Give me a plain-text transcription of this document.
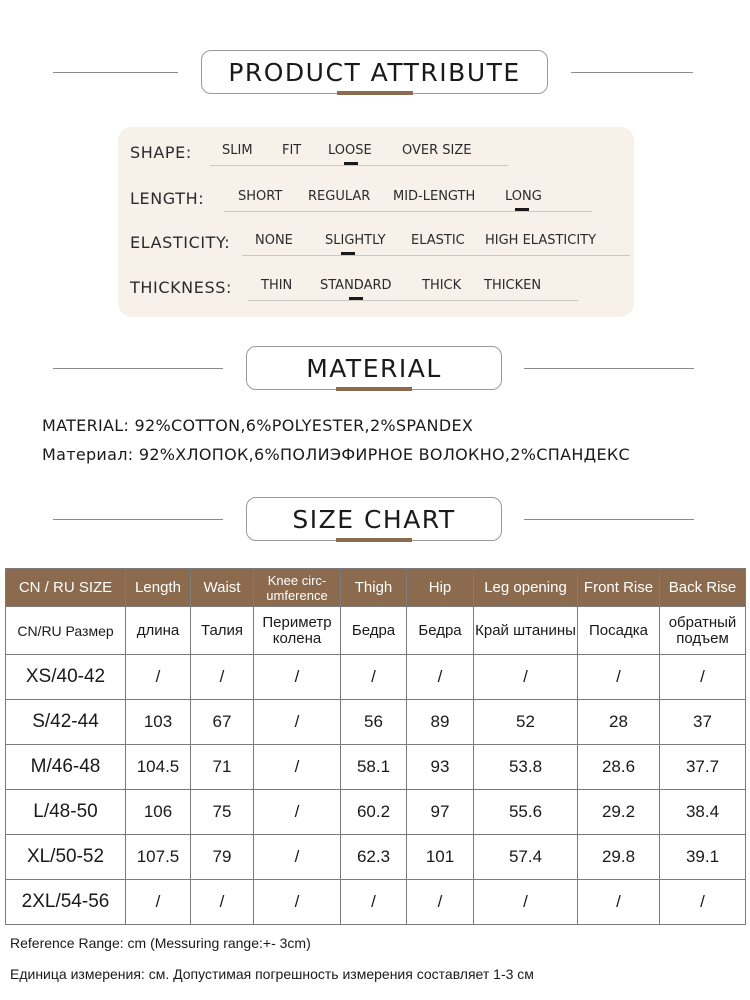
PRODUCT ATTRIBUTE
SHAPE: SLIM FIT LOOSE OVER SIZE
LENGTH:	SHORT REGULAR MID-LENGTH LONG
ELASTICITY: NONE SLIGHTLY ELASTIC HIGH ELASTICITY
THICKNESS: THIN STANDARD THICK THICKEN
MATERIAL
MATERIAL: 92%COTTON,6%POLYESTER,2%SPANDEX
Материал: 92%ХЛОПОК,6%ПОЛИЭФИРНОЕ ВОЛОКНО,2%СПАНДЕКС
SIZE CHART
CN / RU SIZE	Length	Waist	Knee circ-umference	Thigh	Hip	Leg opening	Front Rise	Back Rise
CN/RU Размер	длина	Талия	Периметр колена	Бедра	Бедра	Край штанины	Посадка	обратный подъем
XS/40-42	/	/	/	/	/	/	/	/
S/42-44	103	67	/	56	89	52	28	37
M/46-48	104.5	71	/	58.1	93	53.8	28.6	37.7
L/48-50	106	75	/	60.2	97	55.6	29.2	38.4
XL/50-52	107.5	79	/	62.3	101	57.4	29.8	39.1
2XL/54-56	/	/	/	/	/	/	/	/
Reference Range: cm (Messuring range:+- 3cm)
Единица измерения: см. Допустимая погрешность измерения составляет 1-3 см
